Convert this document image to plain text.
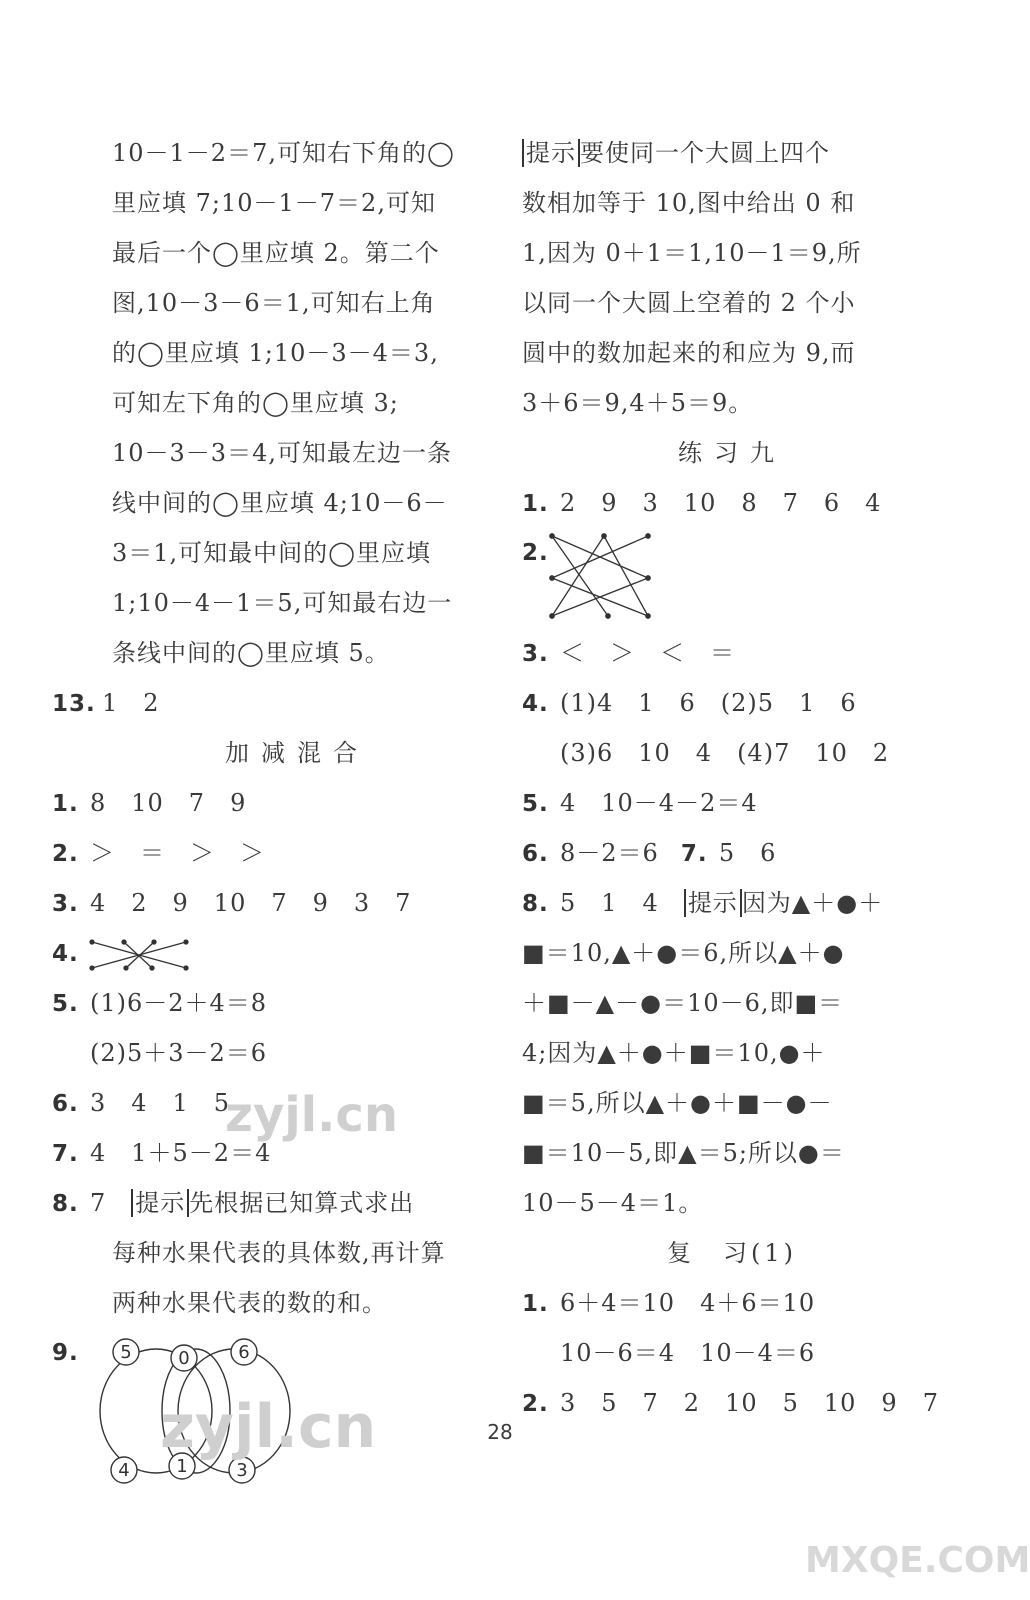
10－1－2＝7,可知右下角的◯
里应填 7;10－1－7＝2,可知
最后一个◯里应填 2。第二个
图,10－3－6＝1,可知右上角
的◯里应填 1;10－3－4＝3,
可知左下角的◯里应填 3;
10－3－3＝4,可知最左边一条
线中间的◯里应填 4;10－6－
3＝1,可知最中间的◯里应填
1;10－4－1＝5,可知最右边一
条线中间的◯里应填 5。
13. 1　2
加减混合
1. 8　10　7　9
2. ＞　＝　＞　＞
3. 4　2　9　10　7　9　3　7
4.
5. (1)6－2＋4＝8
(2)5＋3－2＝6
6. 3　4　1　5
7. 4　1＋5－2＝4
8. 7　提示 先根据已知算式求出
每种水果代表的具体数,再计算
两种水果代表的数的和。
9.	5	0	6
4	1	3
提示 要使同一个大圆上四个
数相加等于 10,图中给出 0 和
1,因为 0＋1＝1,10－1＝9,所
以同一个大圆上空着的 2 个小
圆中的数加起来的和应为 9,而
3＋6＝9,4＋5＝9。
练习九
1. 2　9　3　10　8　7　6　4
2.
3. ＜　＞　＜　＝
4. (1)4　1　6　(2)5　1　6
(3)6　10　4　(4)7　10　2
5. 4　10－4－2＝4
6. 8－2＝6 7. 5　6
8. 5　1　4　提示 因为▲＋●＋
■＝10,▲＋●＝6,所以▲＋●
＋■－▲－●＝10－6,即■＝
4;因为▲＋●＋■＝10,●＋
■＝5,所以▲＋●＋■－●－
■＝10－5,即▲＝5;所以●＝
10－5－4＝1。
复　习(1)
1. 6＋4＝10　4＋6＝10
10－6＝4　10－4＝6
2. 3　5　7　2　10　5　10　9　7
28
zyjl.cn
zyjl.cn
MXQE.COM
